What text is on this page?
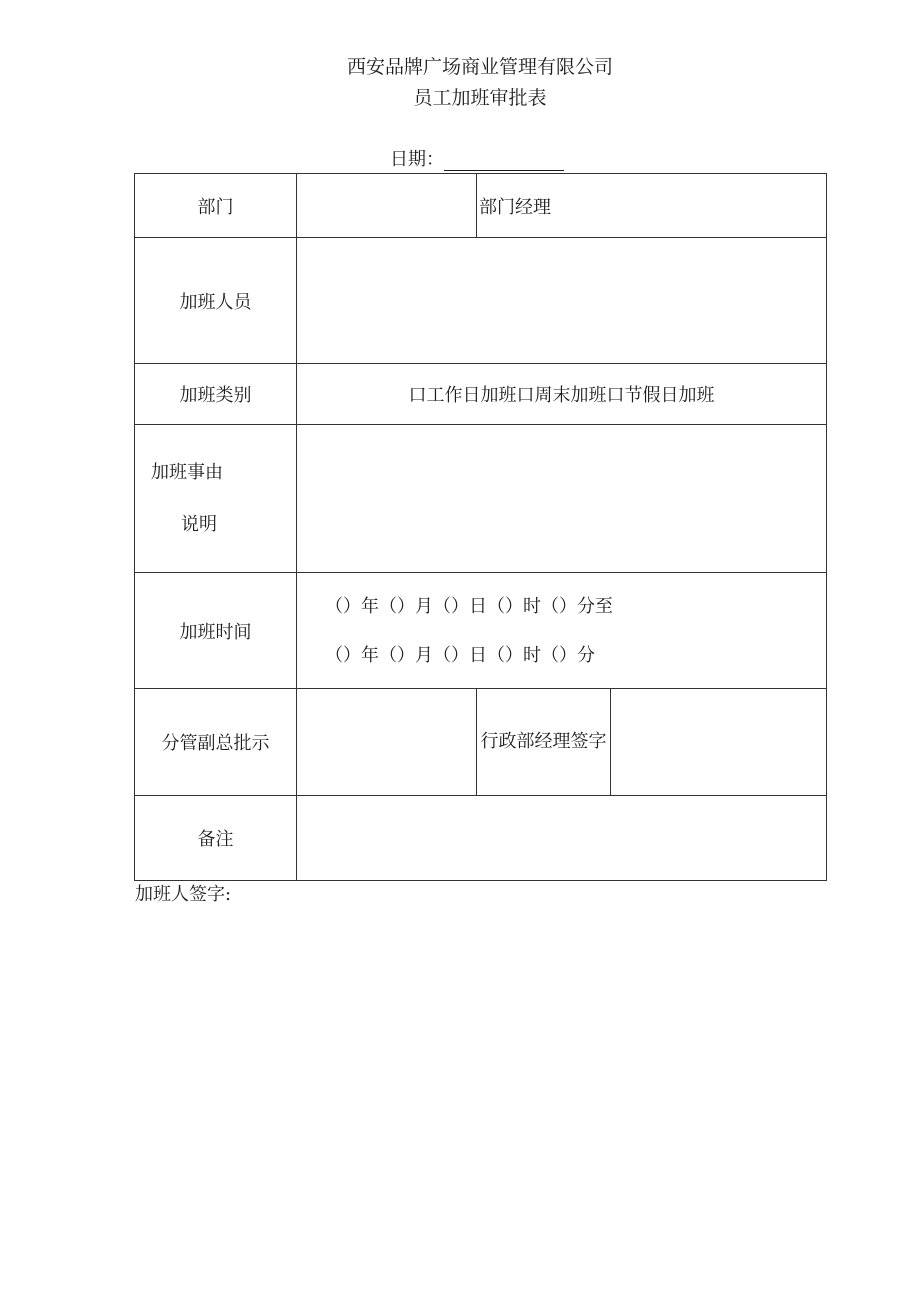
西安品牌广场商业管理有限公司
员工加班审批表
日期：
部门		部门经理	
加班人员			
加班类别	口工作日加班口周末加班口节假日加班		
加班事由
说明			

加班时间	（）年（）月（）日（）时（）分至
（）年（）月（）日（）时（）分		

分管副总批示		行政部经理签字	
备注			
加班人签字:
